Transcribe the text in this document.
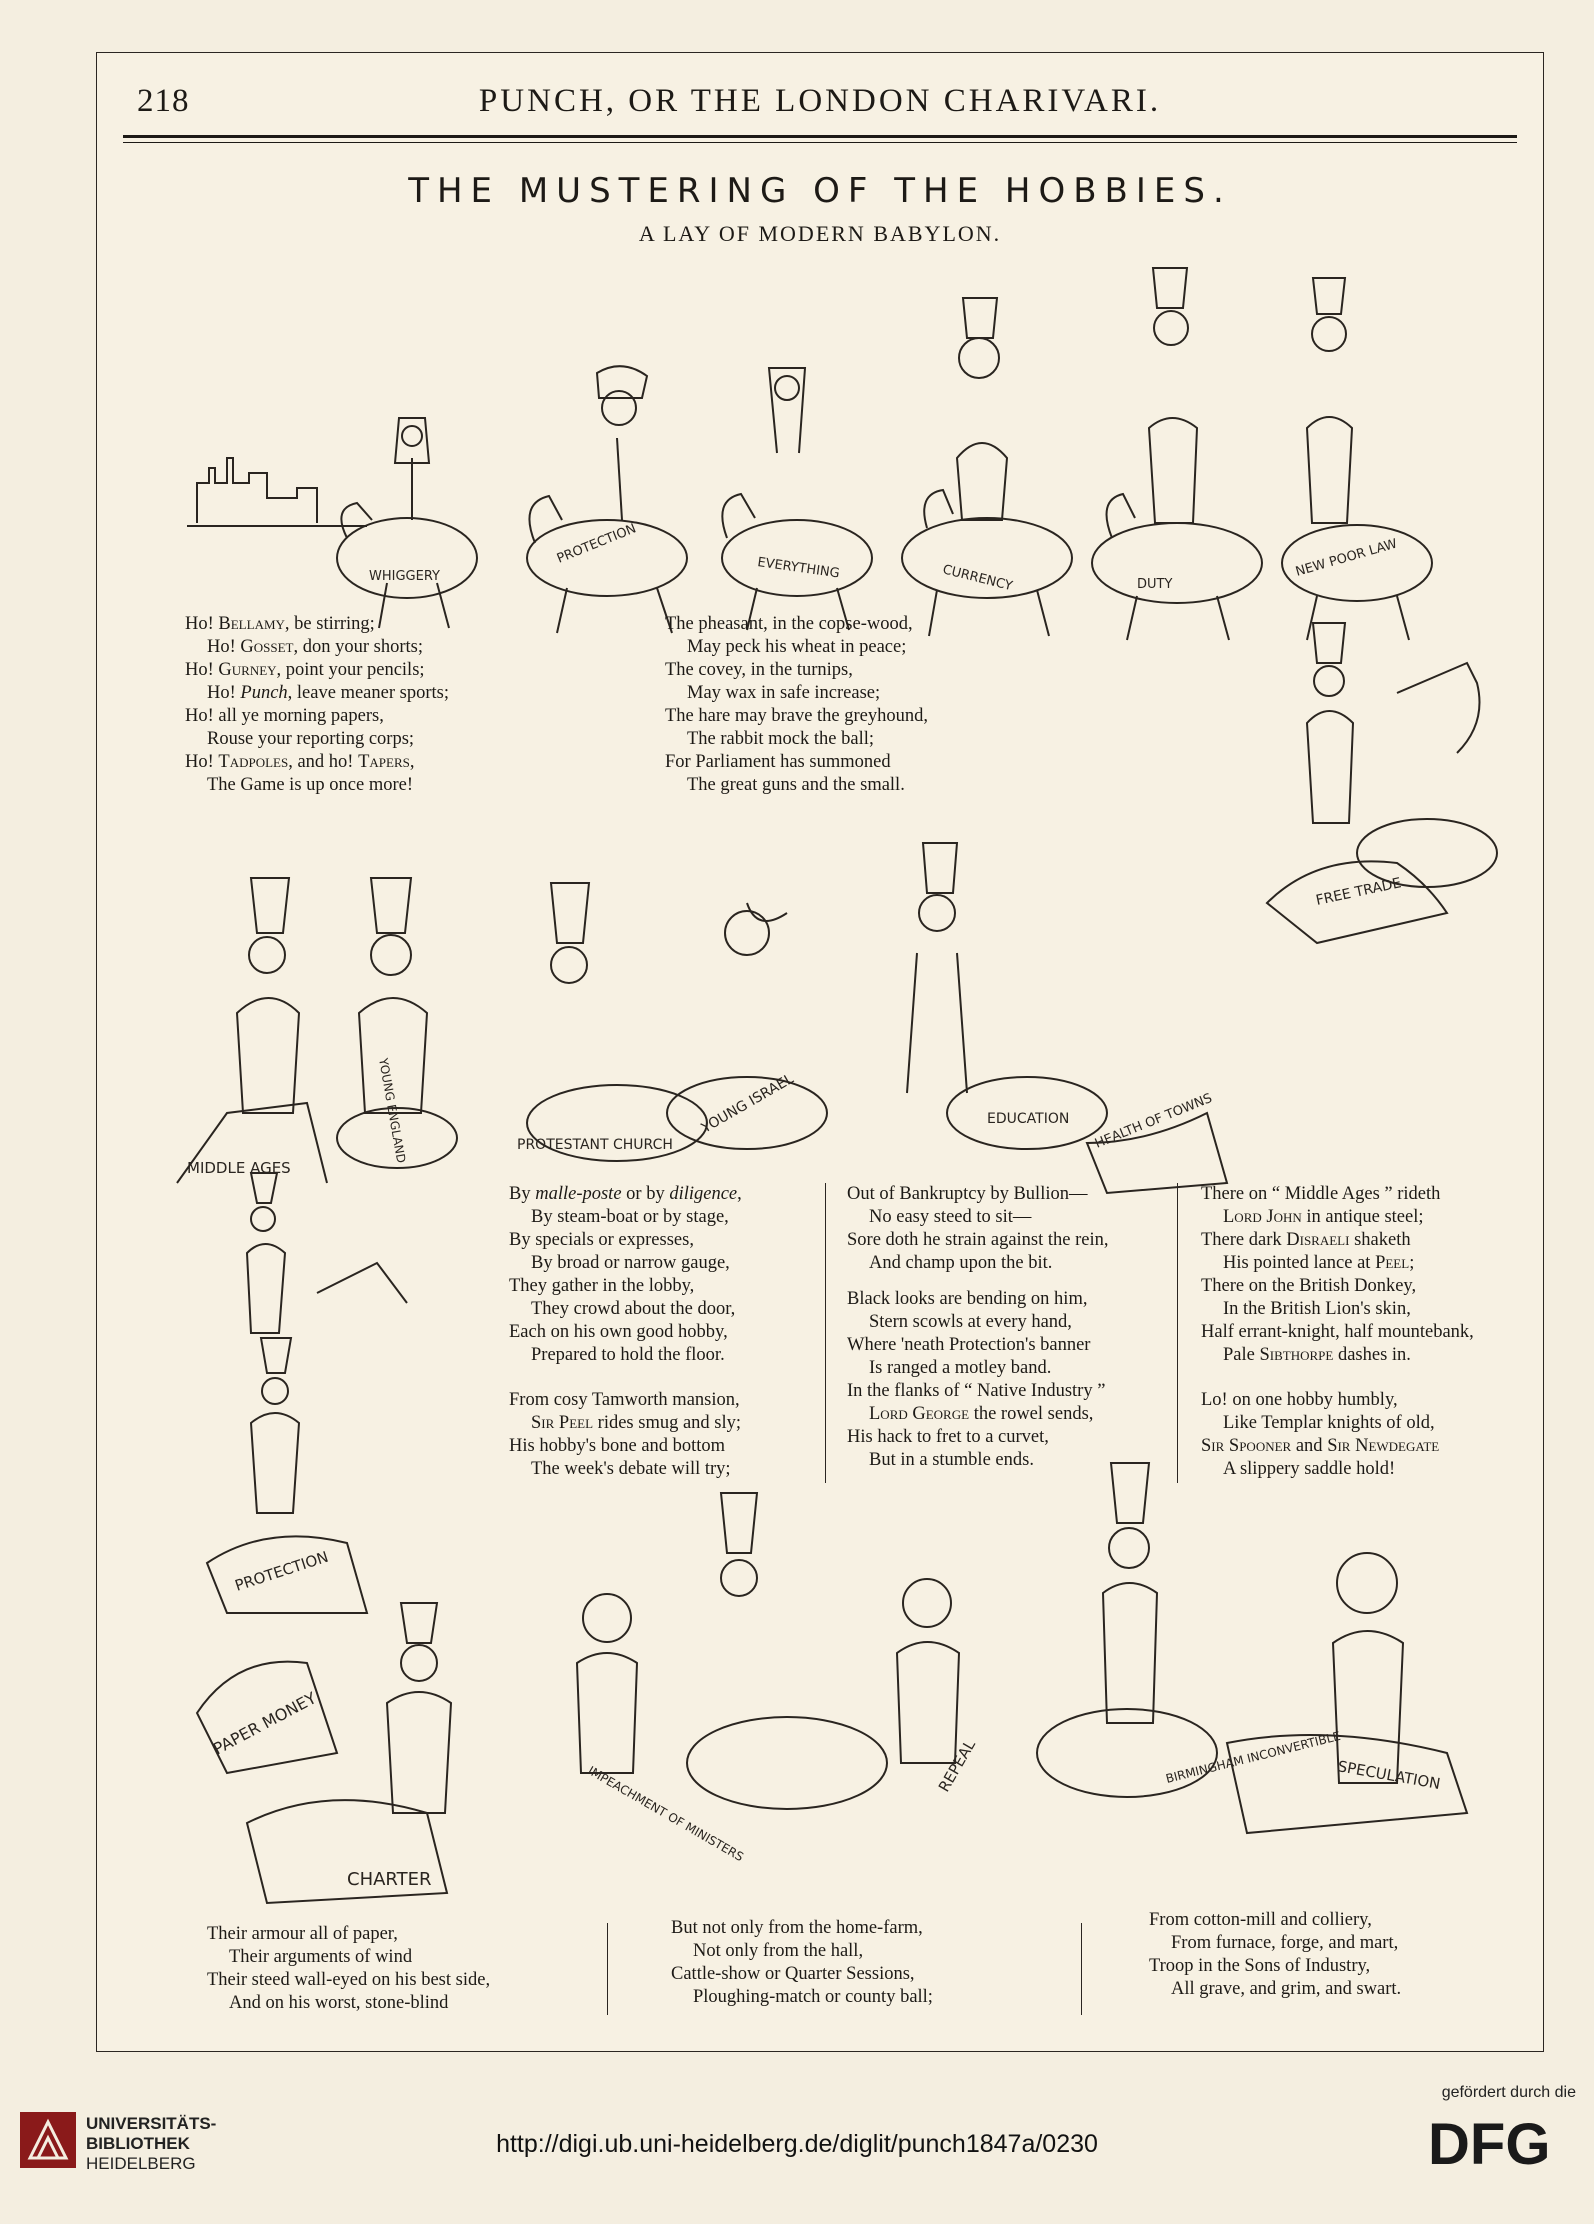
218	PUNCH, OR THE LONDON CHARIVARI.
THE MUSTERING OF THE HOBBIES.
A LAY OF MODERN BABYLON.
WHIGGERY
PROTECTION
EVERYTHING	CURRENCY	DUTY
NEW POOR LAW
YOUNG ENGLAND
MIDDLE AGES
PROTESTANT CHURCH
YOUNG ISRAEL	EDUCATION HEALTH OF TOWNS
FREE TRADE
PROTECTION
PAPER MONEY
CHARTER
IMPEACHMENT OF MINISTERS	REPEAL	BIRMINGHAM INCONVERTIBLE
SPECULATION
Ho! Bellamy, be stirring;
Ho! Gosset, don your shorts;
Ho! Gurney, point your pencils;
Ho! Punch, leave meaner sports;
Ho! all ye morning papers,
Rouse your reporting corps;
Ho! Tadpoles, and ho! Tapers,
The Game is up once more!
The pheasant, in the copse-wood,
May peck his wheat in peace;
The covey, in the turnips,
May wax in safe increase;
The hare may brave the greyhound,
The rabbit mock the ball;
For Parliament has summoned
The great guns and the small.
By malle-poste or by diligence,
By steam-boat or by stage,
By specials or expresses,
By broad or narrow gauge,
They gather in the lobby,
They crowd about the door,
Each on his own good hobby,
Prepared to hold the floor.
From cosy Tamworth mansion,
Sir Peel rides smug and sly;
His hobby's bone and bottom
The week's debate will try;
Out of Bankruptcy by Bullion—
No easy steed to sit—
Sore doth he strain against the rein,
And champ upon the bit.
Black looks are bending on him,
Stern scowls at every hand,
Where 'neath Protection's banner
Is ranged a motley band.
In the flanks of “ Native Industry ”
Lord George the rowel sends,
His hack to fret to a curvet,
But in a stumble ends.
There on “ Middle Ages ” rideth
Lord John in antique steel;
There dark Disraeli shaketh
His pointed lance at Peel;
There on the British Donkey,
In the British Lion's skin,
Half errant-knight, half mountebank,
Pale Sibthorpe dashes in.
Lo! on one hobby humbly,
Like Templar knights of old,
Sir Spooner and Sir Newdegate
A slippery saddle hold!
Their armour all of paper,
Their arguments of wind
Their steed wall-eyed on his best side,
And on his worst, stone-blind
But not only from the home-farm,
Not only from the hall,
Cattle-show or Quarter Sessions,
Ploughing-match or county ball;
From cotton-mill and colliery,
From furnace, forge, and mart,
Troop in the Sons of Industry,
All grave, and grim, and swart.
UNIVERSITÄTS-
BIBLIOTHEK
HEIDELBERG
http://digi.ub.uni-heidelberg.de/diglit/punch1847a/0230
gefördert durch die
DFG
